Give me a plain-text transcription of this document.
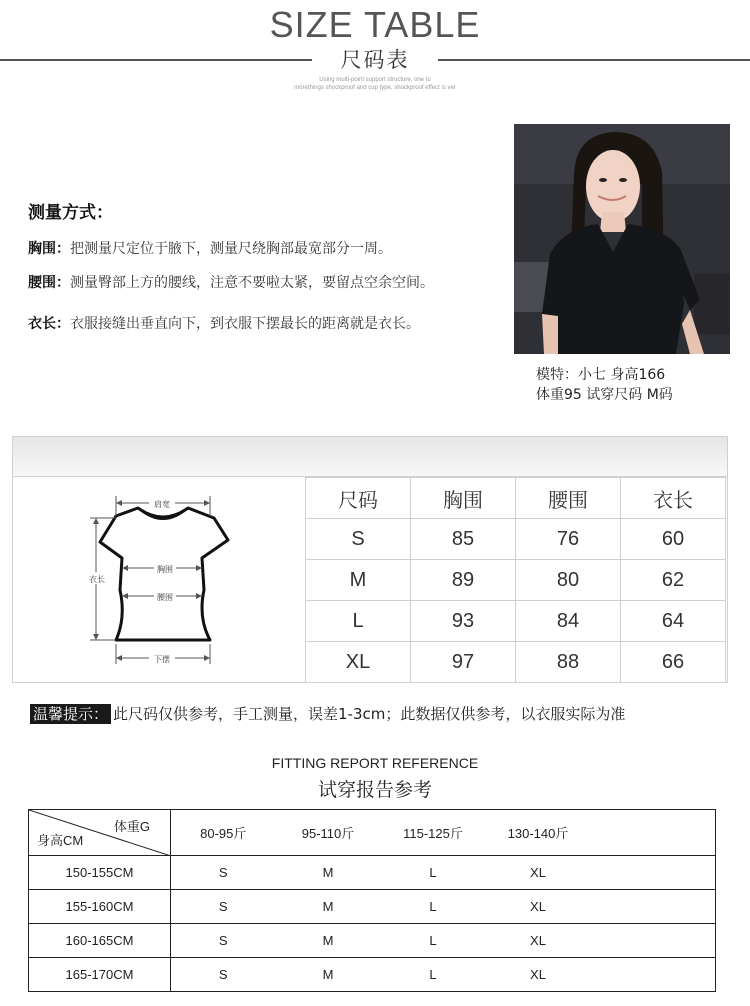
SIZE TABLE
尺码表
Using multi-point support structure, one to
morethings shockproof and cup type, shockproof effect is ver
测量方式：
胸围：把测量尺定位于腋下，测量尺绕胸部最宽部分一周。
腰围：测量臀部上方的腰线，注意不要啦太紧，要留点空余空间。
衣长：衣服接缝出垂直向下，到衣服下摆最长的距离就是衣长。
模特：小七 身高166
体重95 试穿尺码 M码
肩宽
胸围
腰围
衣长
下摆
尺码	胸围	腰围	衣长
S	85	76	60
M	89	80	62
L	93	84	64
XL	97	88	66
温馨提示： 此尺码仅供参考，手工测量，误差1-3cm；此数据仅供参考，以衣服实际为准
FITTING REPORT REFERENCE
试穿报告参考
体重G
身高CM	80-95斤	95-110斤	115-125斤	130-140斤	
150-155CM	S	M	L	XL	
155-160CM	S	M	L	XL	
160-165CM	S	M	L	XL	
165-170CM	S	M	L	XL	
